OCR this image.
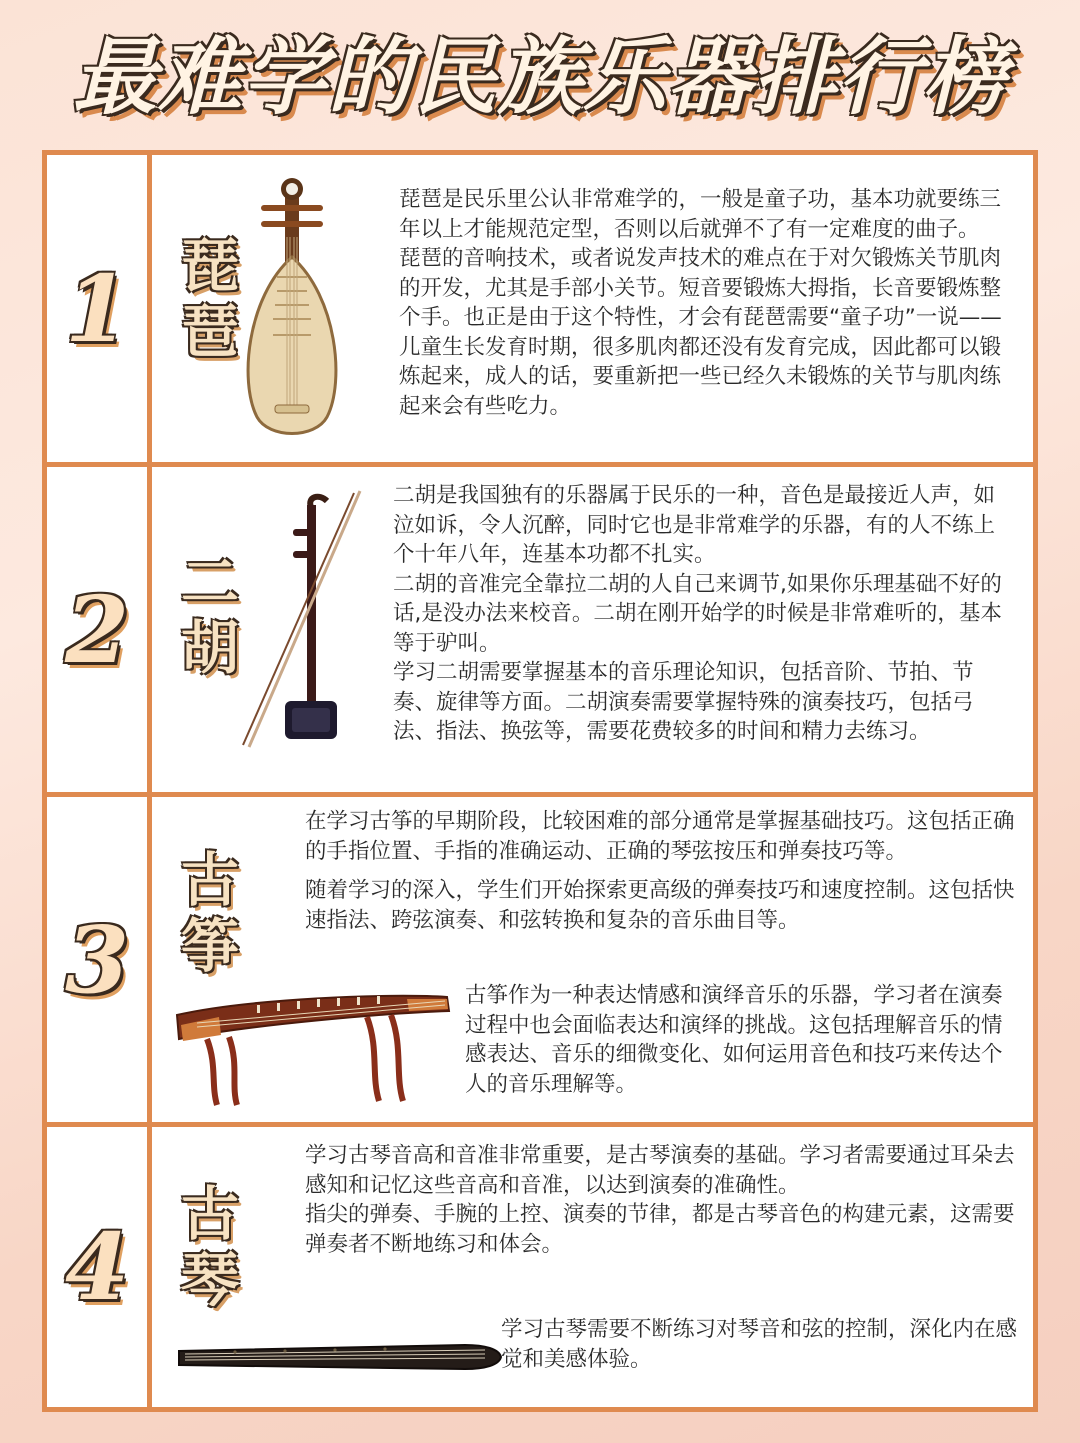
最难学的民族乐器排行榜
1 琵琶

琵琶是民乐里公认非常难学的，一般是童子功，基本功就要练三年以上才能规范定型，否则以后就弹不了有一定难度的曲子。

琵琶的音响技术，或者说发声技术的难点在于对欠锻炼关节肌肉的开发，尤其是手部小关节。短音要锻炼大拇指，长音要锻炼整个手。也正是由于这个特性，才会有琵琶需要“童子功”一说——儿童生长发育时期，很多肌肉都还没有发育完成，因此都可以锻炼起来，成人的话，要重新把一些已经久未锻炼的关节与肌肉练起来会有些吃力。

2 二胡

二胡是我国独有的乐器属于民乐的一种，音色是最接近人声，如泣如诉，令人沉醉，同时它也是非常难学的乐器，有的人不练上个十年八年，连基本功都不扎实。

二胡的音准完全靠拉二胡的人自己来调节,如果你乐理基础不好的话,是没办法来校音。二胡在刚开始学的时候是非常难听的，基本等于驴叫。

学习二胡需要掌握基本的音乐理论知识，包括音阶、节拍、节奏、旋律等方面。二胡演奏需要掌握特殊的演奏技巧，包括弓法、指法、换弦等，需要花费较多的时间和精力去练习。

3
古筝

在学习古筝的早期阶段，比较困难的部分通常是掌握基础技巧。这包括正确的手指位置、手指的准确运动、正确的琴弦按压和弹奏技巧等。

随着学习的深入，学生们开始探索更高级的弹奏技巧和速度控制。这包括快速指法、跨弦演奏、和弦转换和复杂的音乐曲目等。

古筝作为一种表达情感和演绎音乐的乐器，学习者在演奏过程中也会面临表达和演绎的挑战。这包括理解音乐的情感表达、音乐的细微变化、如何运用音色和技巧来传达个人的音乐理解等。

4 古琴

学习古琴音高和音准非常重要，是古琴演奏的基础。学习者需要通过耳朵去感知和记忆这些音高和音准，以达到演奏的准确性。

指尖的弹奏、手腕的上控、演奏的节律，都是古琴音色的构建元素，这需要弹奏者不断地练习和体会。

学习古琴需要不断练习对琴音和弦的控制，深化内在感觉和美感体验。
